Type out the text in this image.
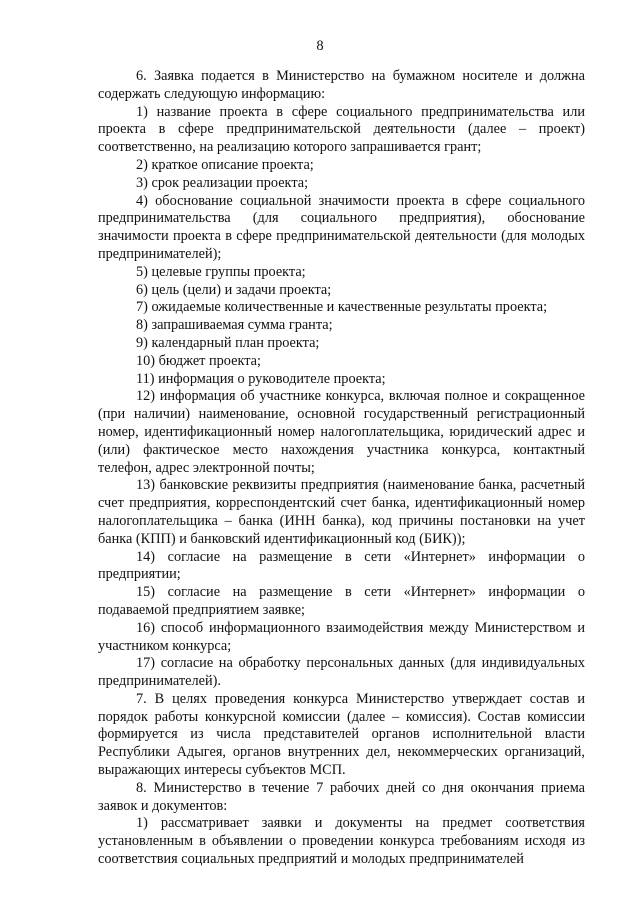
8

6. Заявка подается в Министерство на бумажном носителе и должна содержать следующую информацию:

1) название проекта в сфере социального предпринимательства или проекта в сфере предпринимательской деятельности (далее – проект) соответственно, на реализацию которого запрашивается грант;

2) краткое описание проекта;

3) срок реализации проекта;

4) обоснование социальной значимости проекта в сфере социального предпринимательства (для социального предприятия), обоснование значимости проекта в сфере предпринимательской деятельности (для молодых предпринимателей);

5) целевые группы проекта;

6) цель (цели) и задачи проекта;

7) ожидаемые количественные и качественные результаты проекта;

8) запрашиваемая сумма гранта;

9) календарный план проекта;

10) бюджет проекта;

11) информация о руководителе проекта;

12) информация об участнике конкурса, включая полное и сокращенное (при наличии) наименование, основной государственный регистрационный номер, идентификационный номер налогоплательщика, юридический адрес и (или) фактическое место нахождения участника конкурса, контактный телефон, адрес электронной почты;

13) банковские реквизиты предприятия (наименование банка, расчетный счет предприятия, корреспондентский счет банка, идентификационный номер налогоплательщика – банка (ИНН банка), код причины постановки на учет банка (КПП) и банковский идентификационный код (БИК));

14) согласие на размещение в сети «Интернет» информации о предприятии;

15) согласие на размещение в сети «Интернет» информации о подаваемой предприятием заявке;

16) способ информационного взаимодействия между Министерством и участником конкурса;

17) согласие на обработку персональных данных (для индивидуальных предпринимателей).

7. В целях проведения конкурса Министерство утверждает состав и порядок работы конкурсной комиссии (далее – комиссия). Состав комиссии формируется из числа представителей органов исполнительной власти Республики Адыгея, органов внутренних дел, некоммерческих организаций, выражающих интересы субъектов МСП.

8. Министерство в течение 7 рабочих дней со дня окончания приема заявок и документов:

1) рассматривает заявки и документы на предмет соответствия установленным в объявлении о проведении конкурса требованиям исходя из соответствия социальных предприятий и молодых предпринимателей
